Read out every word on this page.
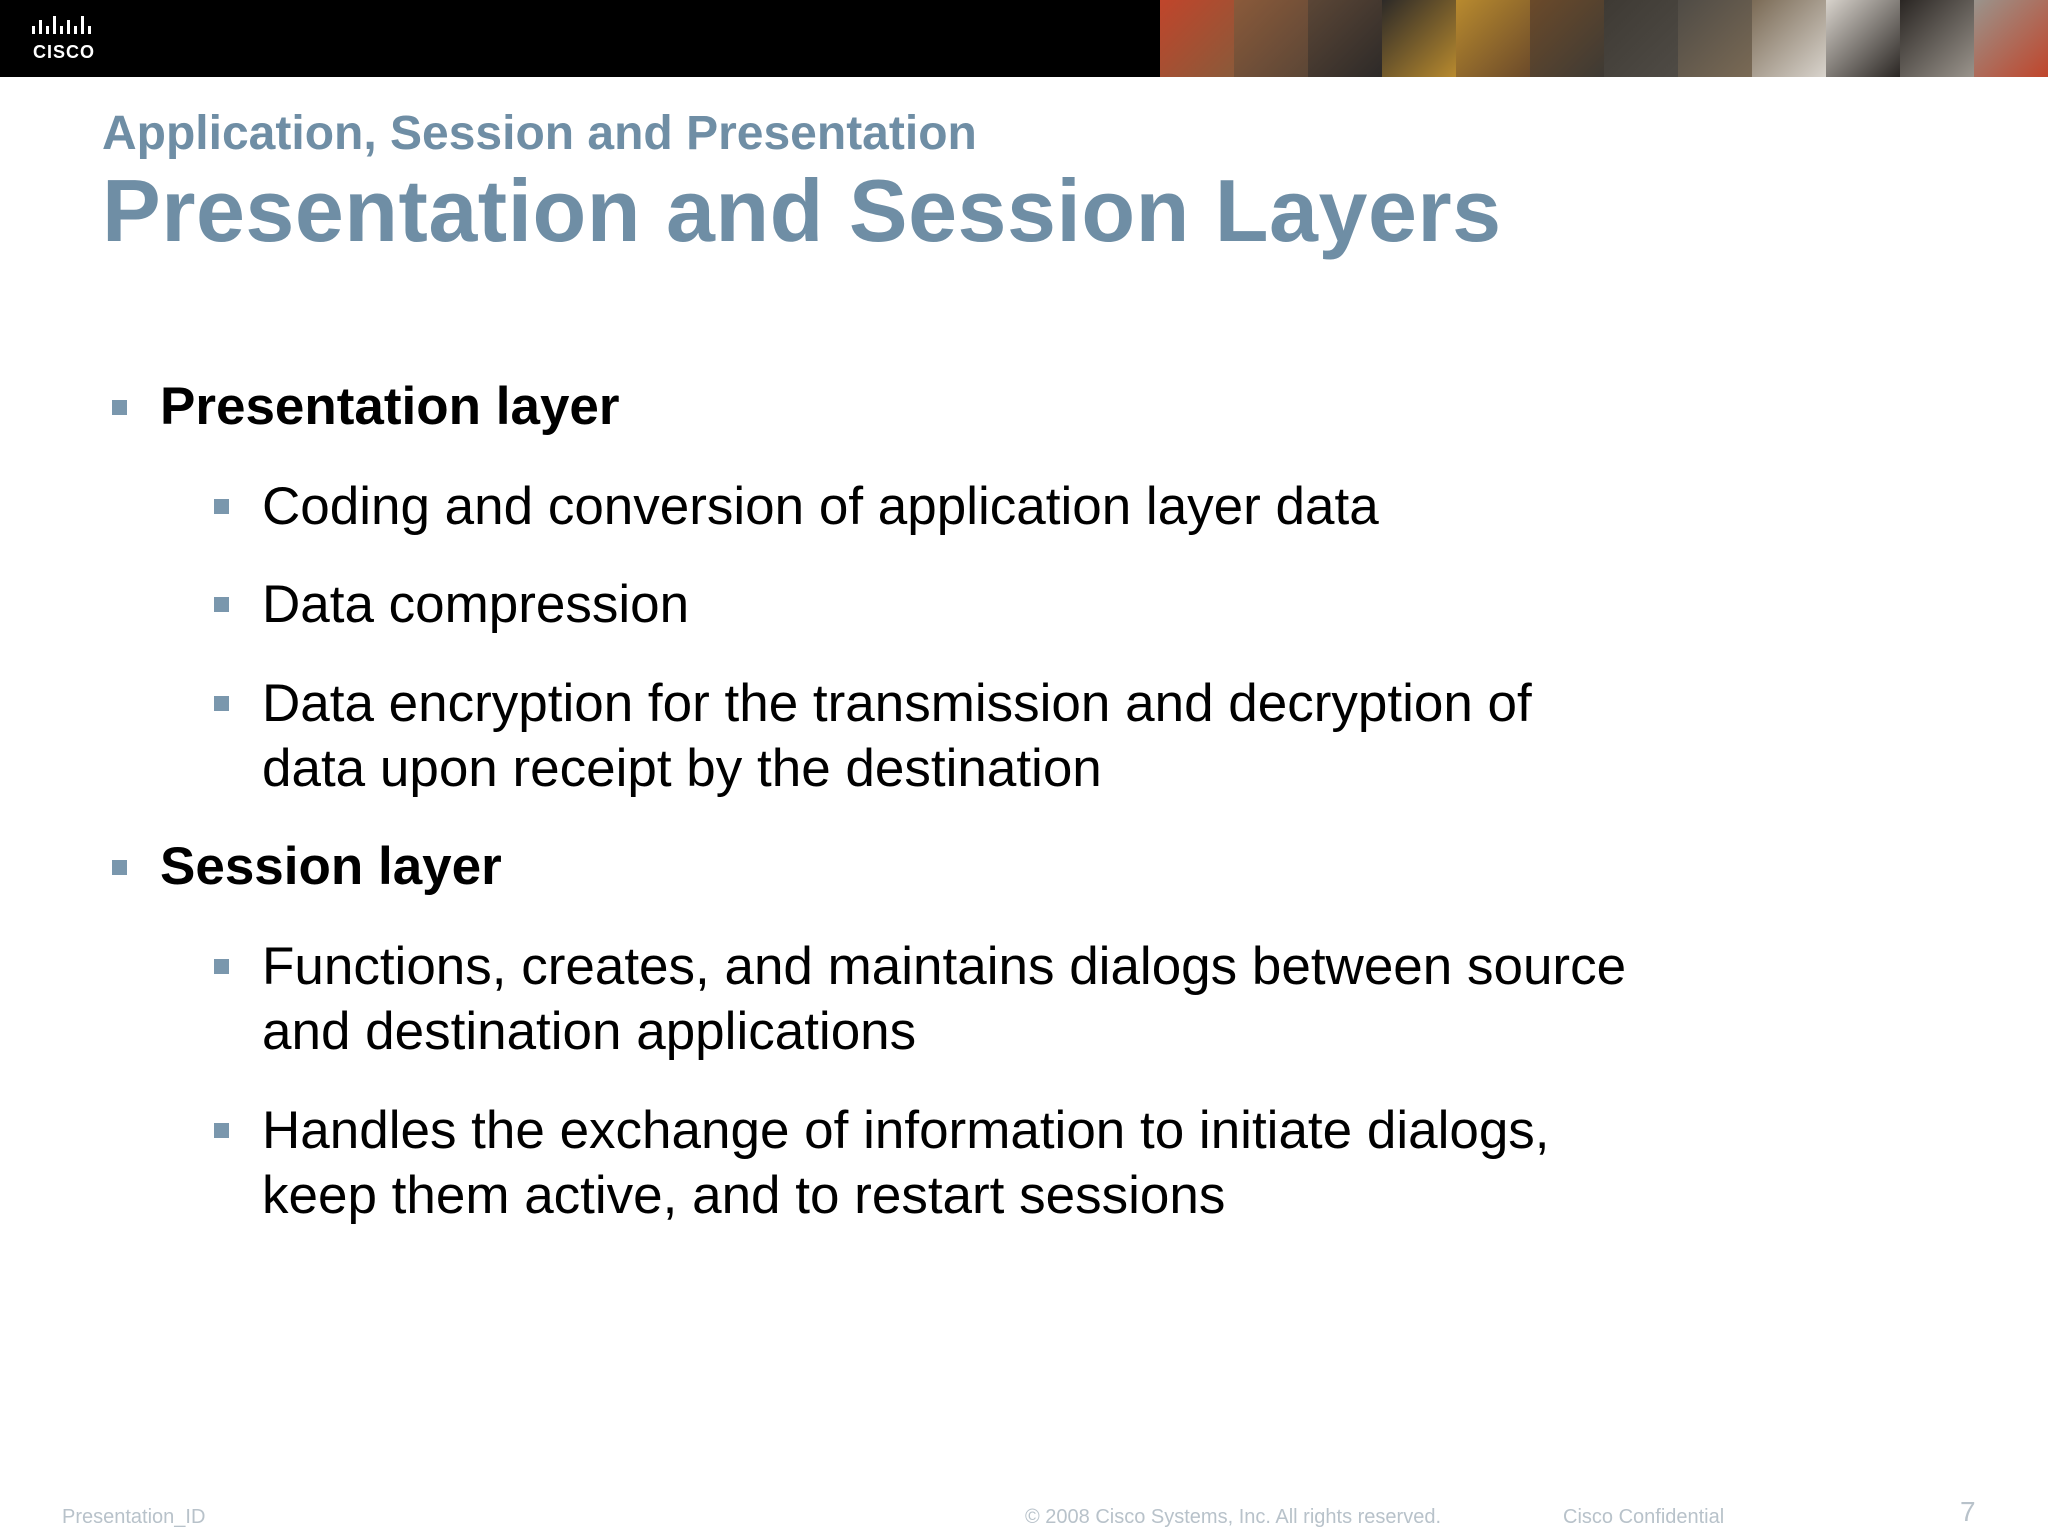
CISCO
Application, Session and Presentation
Presentation and Session Layers
Presentation layer
Coding and conversion of application layer data
Data compression
Data encryption for the transmission and decryption of
data upon receipt by the destination
Session layer
Functions, creates, and maintains dialogs between source
and destination applications
Handles the exchange of information to initiate dialogs,
keep them active, and to restart sessions
Presentation_ID	© 2008 Cisco Systems, Inc. All rights reserved.	Cisco Confidential	7
